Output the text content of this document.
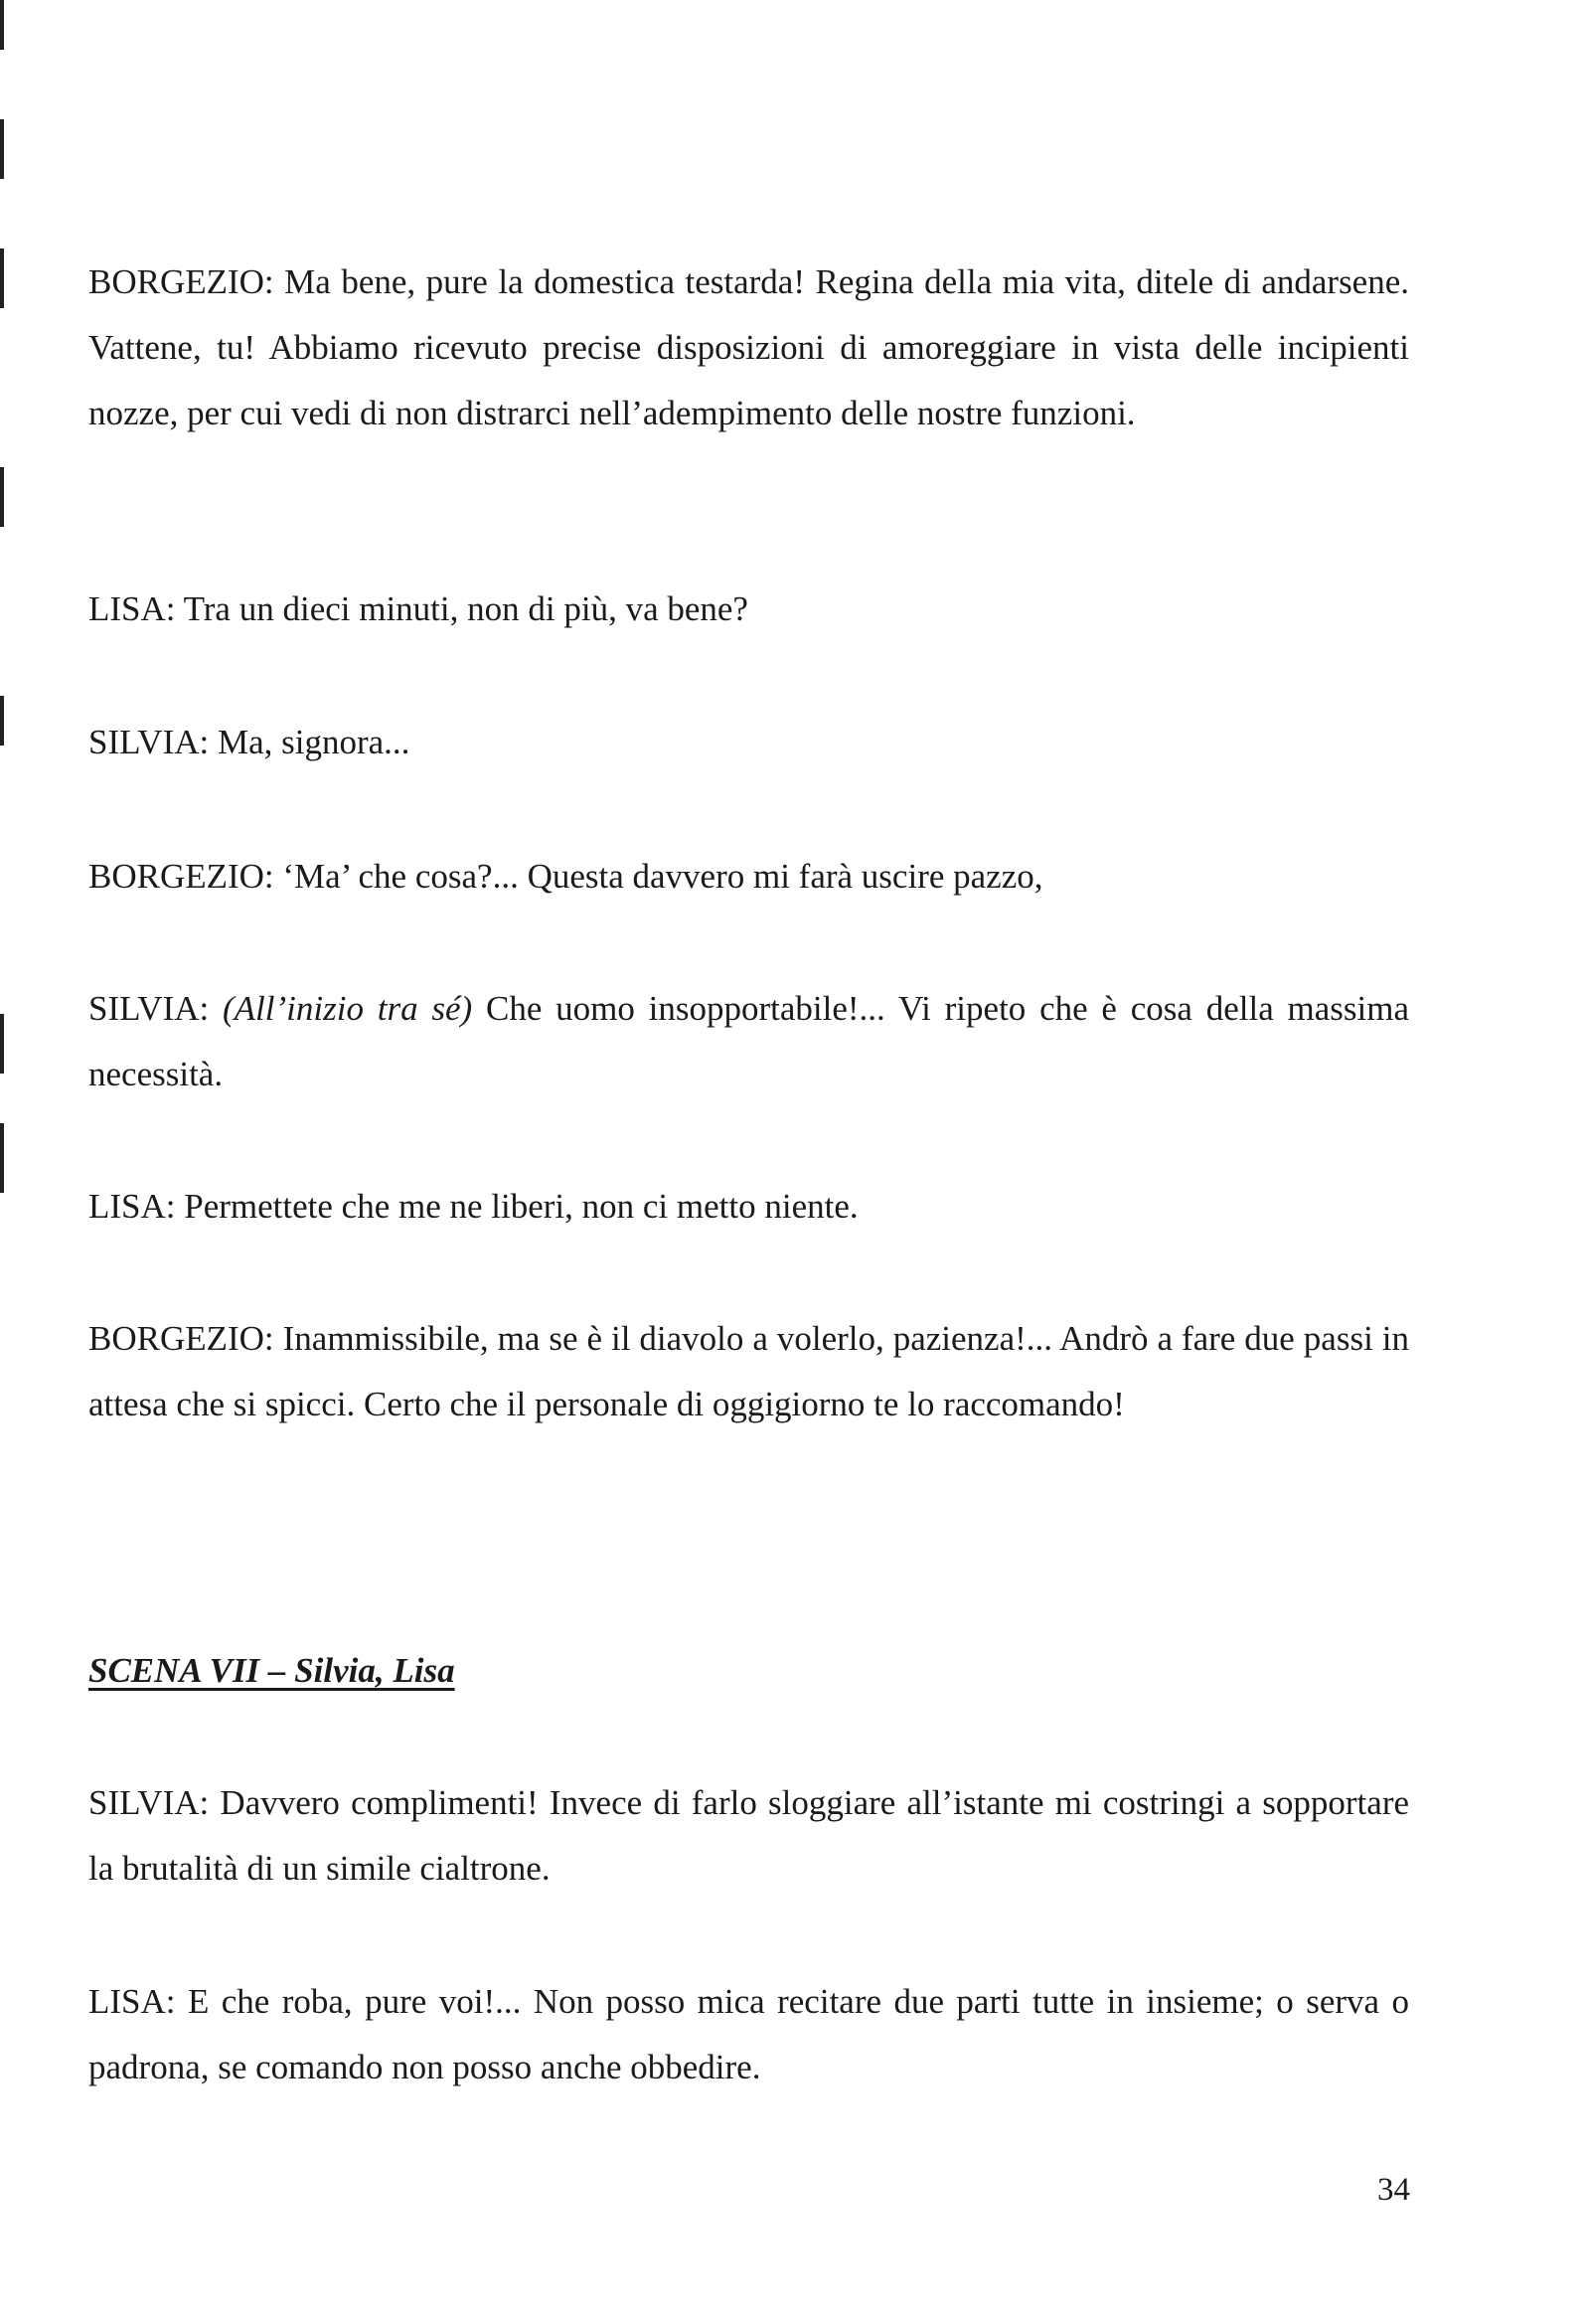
BORGEZIO: Ma bene, pure la domestica testarda! Regina della mia vita, ditele di andarsene. Vattene, tu! Abbiamo ricevuto precise disposizioni di amoreggiare in vista delle incipienti nozze, per cui vedi di non distrarci nell’adempimento delle nostre funzioni.

LISA: Tra un dieci minuti, non di più, va bene?

SILVIA: Ma, signora...

BORGEZIO: ‘Ma’ che cosa?... Questa davvero mi farà uscire pazzo,

SILVIA: (All’inizio tra sé) Che uomo insopportabile!... Vi ripeto che è cosa della massima necessità.

LISA: Permettete che me ne liberi, non ci metto niente.

BORGEZIO: Inammissibile, ma se è il diavolo a volerlo, pazienza!... Andrò a fare due passi in attesa che si spicci. Certo che il personale di oggigiorno te lo raccomando!

SCENA VII – Silvia, Lisa

SILVIA: Davvero complimenti! Invece di farlo sloggiare all’istante mi costringi a sopportare la brutalità di un simile cialtrone.

LISA: E che roba, pure voi!... Non posso mica recitare due parti tutte in insieme; o serva o padrona, se comando non posso anche obbedire.

34
